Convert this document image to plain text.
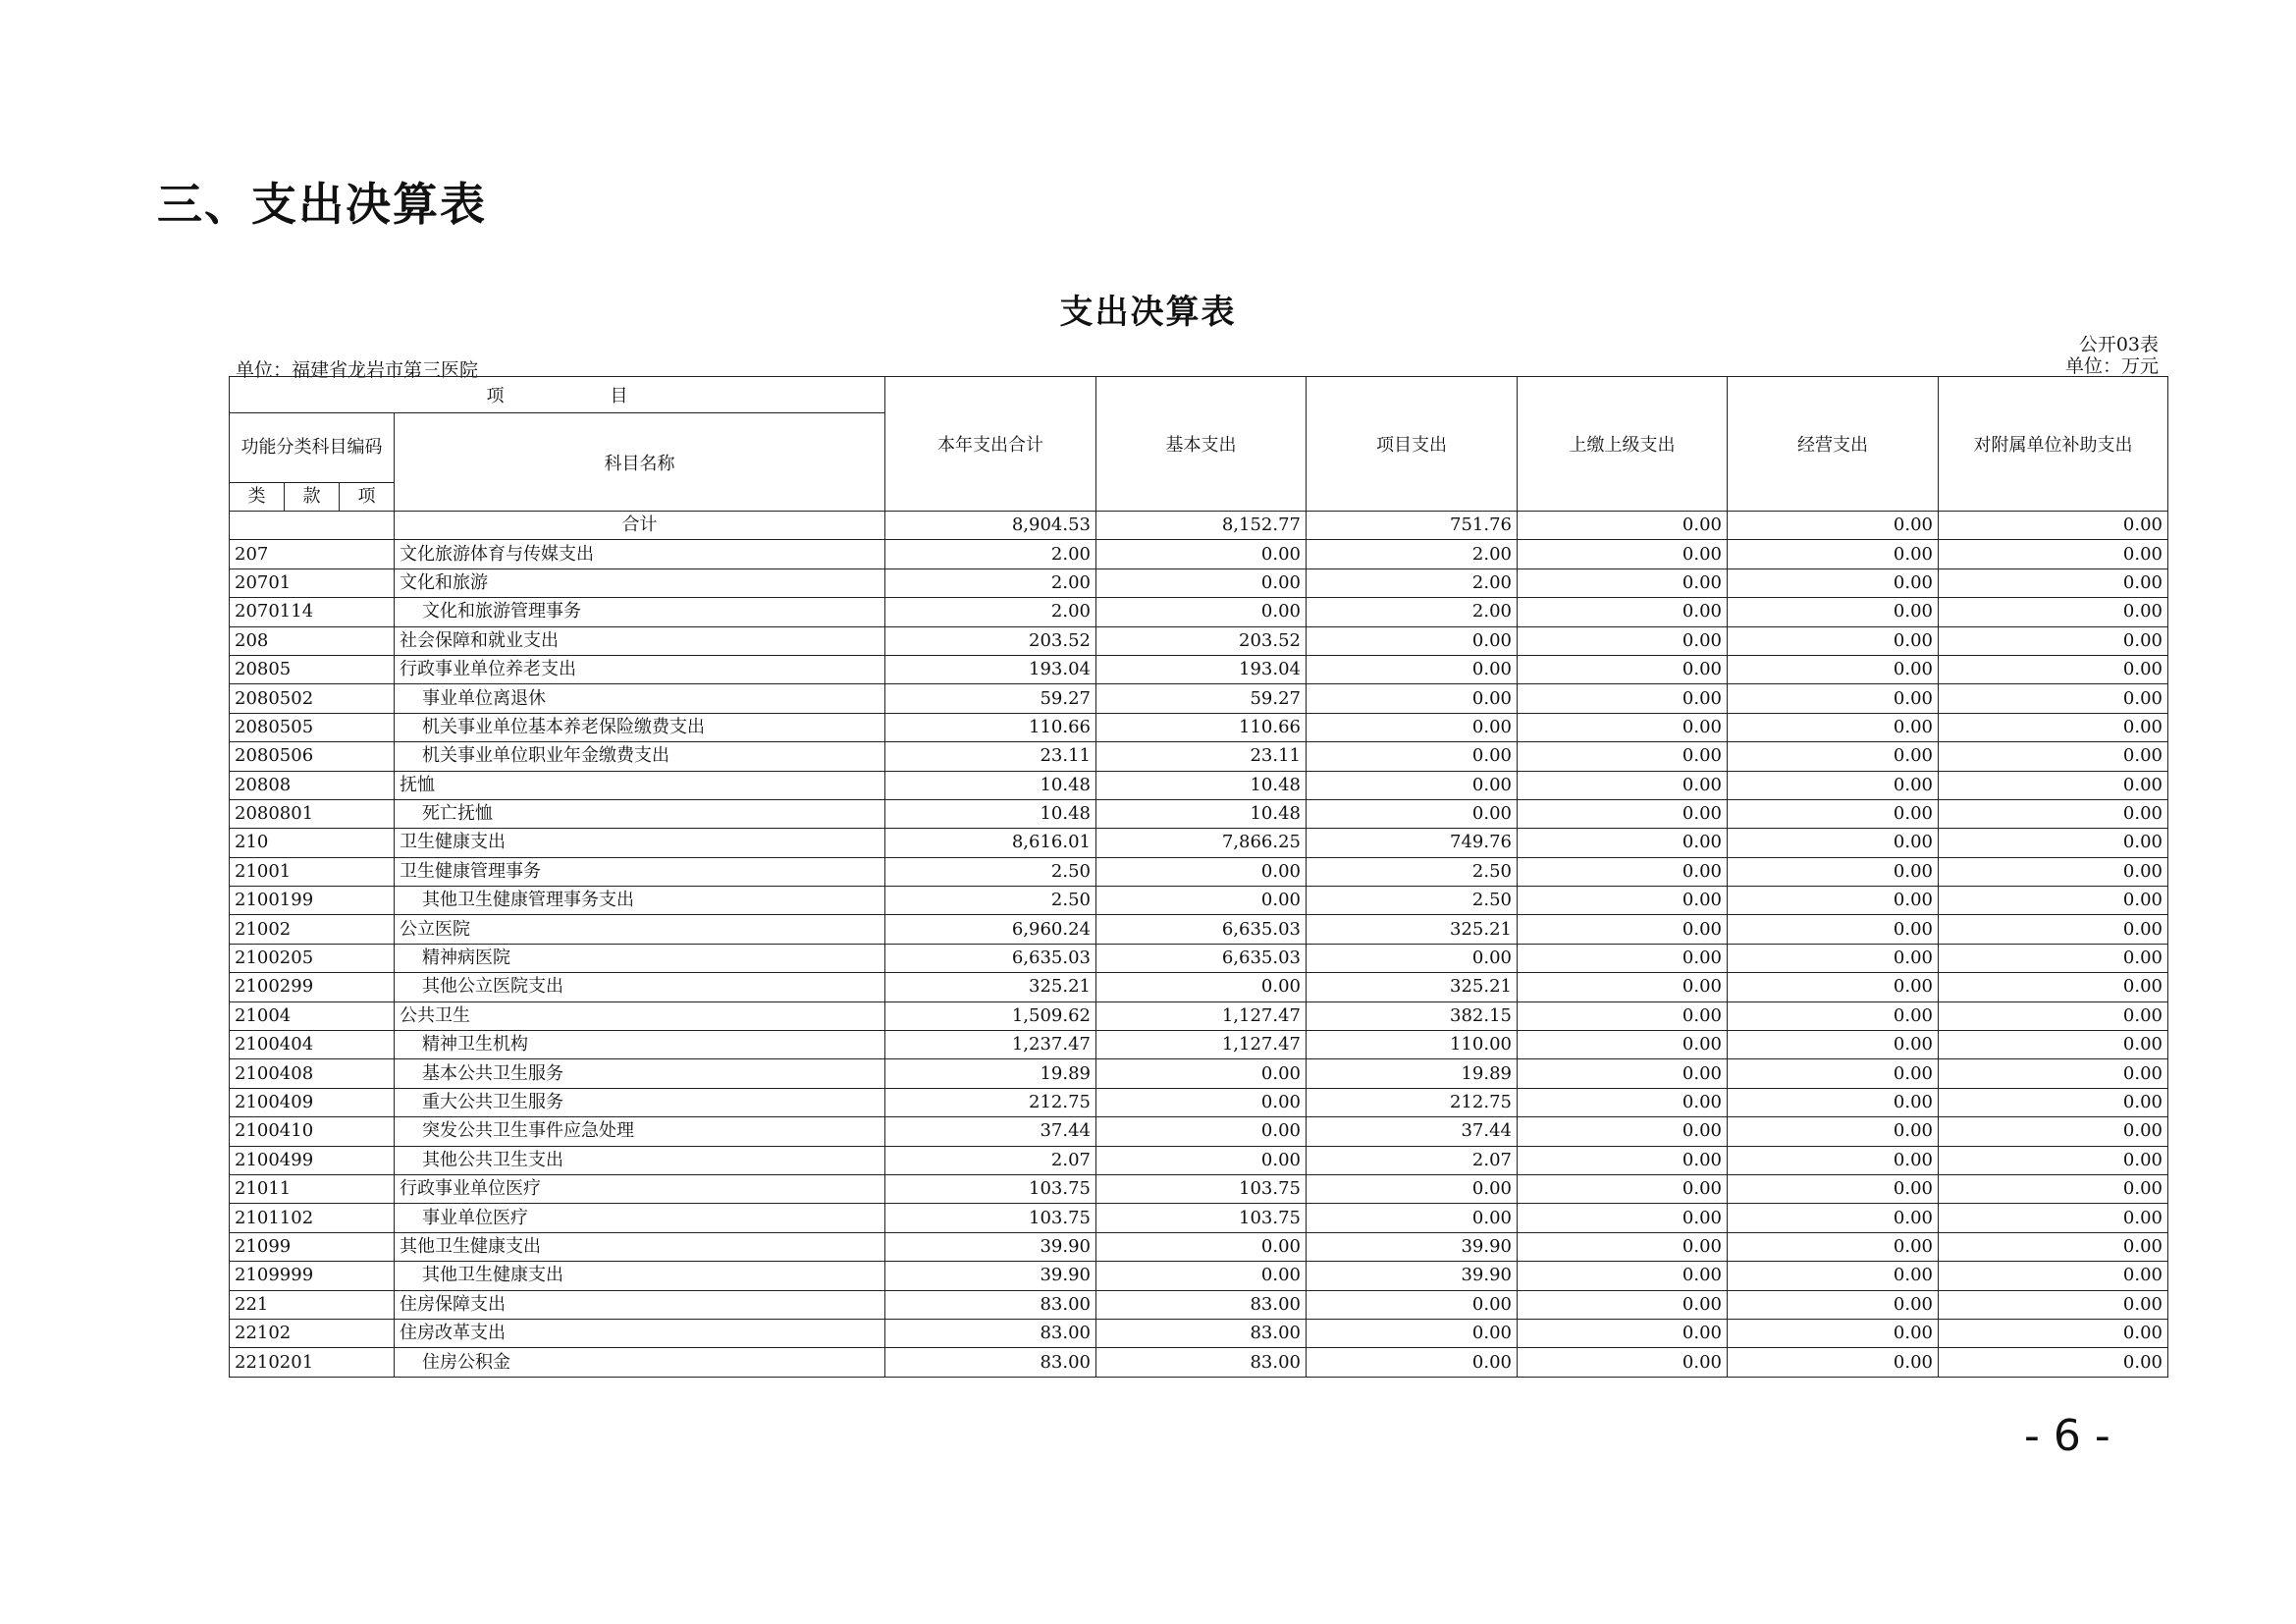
三、支出决算表
支出决算表
公开03表
单位：万元
单位：福建省龙岩市第三医院
项　　　　　　目		本年支出合计	基本支出	项目支出	上缴上级支出	经营支出	对附属单位补助支出
功能分类科目编码	科目名称						

类 款 项							

	合计	8,904.53	8,152.77	751.76	0.00	0.00	0.00
207	文化旅游体育与传媒支出	2.00	0.00	2.00	0.00	0.00	0.00
20701	文化和旅游	2.00	0.00	2.00	0.00	0.00	0.00
2070114	文化和旅游管理事务	2.00	0.00	2.00	0.00	0.00	0.00
208	社会保障和就业支出	203.52	203.52	0.00	0.00	0.00	0.00
20805	行政事业单位养老支出	193.04	193.04	0.00	0.00	0.00	0.00
2080502	事业单位离退休	59.27	59.27	0.00	0.00	0.00	0.00
2080505	机关事业单位基本养老保险缴费支出	110.66	110.66	0.00	0.00	0.00	0.00
2080506	机关事业单位职业年金缴费支出	23.11	23.11	0.00	0.00	0.00	0.00
20808	抚恤	10.48	10.48	0.00	0.00	0.00	0.00
2080801	死亡抚恤	10.48	10.48	0.00	0.00	0.00	0.00
210	卫生健康支出	8,616.01	7,866.25	749.76	0.00	0.00	0.00
21001	卫生健康管理事务	2.50	0.00	2.50	0.00	0.00	0.00
2100199	其他卫生健康管理事务支出	2.50	0.00	2.50	0.00	0.00	0.00
21002	公立医院	6,960.24	6,635.03	325.21	0.00	0.00	0.00
2100205	精神病医院	6,635.03	6,635.03	0.00	0.00	0.00	0.00
2100299	其他公立医院支出	325.21	0.00	325.21	0.00	0.00	0.00
21004	公共卫生	1,509.62	1,127.47	382.15	0.00	0.00	0.00
2100404	精神卫生机构	1,237.47	1,127.47	110.00	0.00	0.00	0.00
2100408	基本公共卫生服务	19.89	0.00	19.89	0.00	0.00	0.00
2100409	重大公共卫生服务	212.75	0.00	212.75	0.00	0.00	0.00
2100410	突发公共卫生事件应急处理	37.44	0.00	37.44	0.00	0.00	0.00
2100499	其他公共卫生支出	2.07	0.00	2.07	0.00	0.00	0.00
21011	行政事业单位医疗	103.75	103.75	0.00	0.00	0.00	0.00
2101102	事业单位医疗	103.75	103.75	0.00	0.00	0.00	0.00
21099	其他卫生健康支出	39.90	0.00	39.90	0.00	0.00	0.00
2109999	其他卫生健康支出	39.90	0.00	39.90	0.00	0.00	0.00
221	住房保障支出	83.00	83.00	0.00	0.00	0.00	0.00
22102	住房改革支出	83.00	83.00	0.00	0.00	0.00	0.00
2210201	住房公积金	83.00	83.00	0.00	0.00	0.00	0.00
- 6 -
